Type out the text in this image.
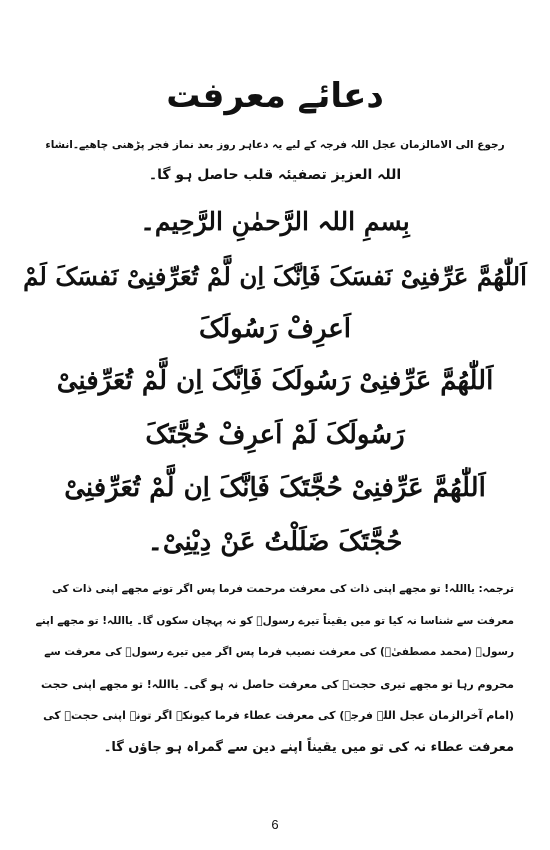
دعائے معرفت
رجوع الی الامالزمان عجل اللہ فرجہ کے لیے یہ دعاہر روز بعد نماز فجر پڑھنی چاھیے۔انشاء
اللہ العزیز تصفیئہ قلب حاصل ہو گا۔
بِسمِ اللہ الرَّحمٰنِ الرَّحِیم۔
اَللّٰھُمَّ عَرِّفنِیْ نَفسَکَ فَاِنَّکَ اِن لَّمْ تُعَرِّفنِیْ نَفسَکَ لَمْ
اَعرِفْ رَسُولَکَ
اَللّٰھُمَّ عَرِّفنِیْ رَسُولَکَ فَاِنَّکَ اِن لَّمْ تُعَرِّفنِیْ
رَسُولَکَ لَمْ اَعرِفْ حُجَّتَکَ
اَللّٰھُمَّ عَرِّفنِیْ حُجَّتَکَ فَاِنَّکَ اِن لَّمْ تُعَرِّفنِیْ
حُجَّتَکَ ضَلَلْتُ عَنْ دِیْنِیْ۔
ترجمہ: یااللہ! تو مجھے اپنی ذات کی معرفت مرحمت فرما پس اگر تونے مجھے اپنی ذات کی
معرفت سے شناسا نہ کیا تو میں یقیناً تیرے رسولؐ کو نہ پہچان سکوں گا۔ یااللہ! تو مجھے اپنے
رسولؐ (محمد مصطفیٰؐ) کی معرفت نصیب فرما پس اگر میں تیرے رسولؐ کی معرفت سے
محروم رہا تو مجھے تیری حجتؑ کی معرفت حاصل نہ ہو گی۔ یااللہ! تو مجھے اپنی حجت
(امام آخرالزمان عجل اللہ فرجہ) کی معرفت عطاء فرما کیونکہ اگر تونے اپنی حجتؑ کی
معرفت عطاء نہ کی تو میں یقیناً اپنے دین سے گمراہ ہو جاؤں گا۔
6
